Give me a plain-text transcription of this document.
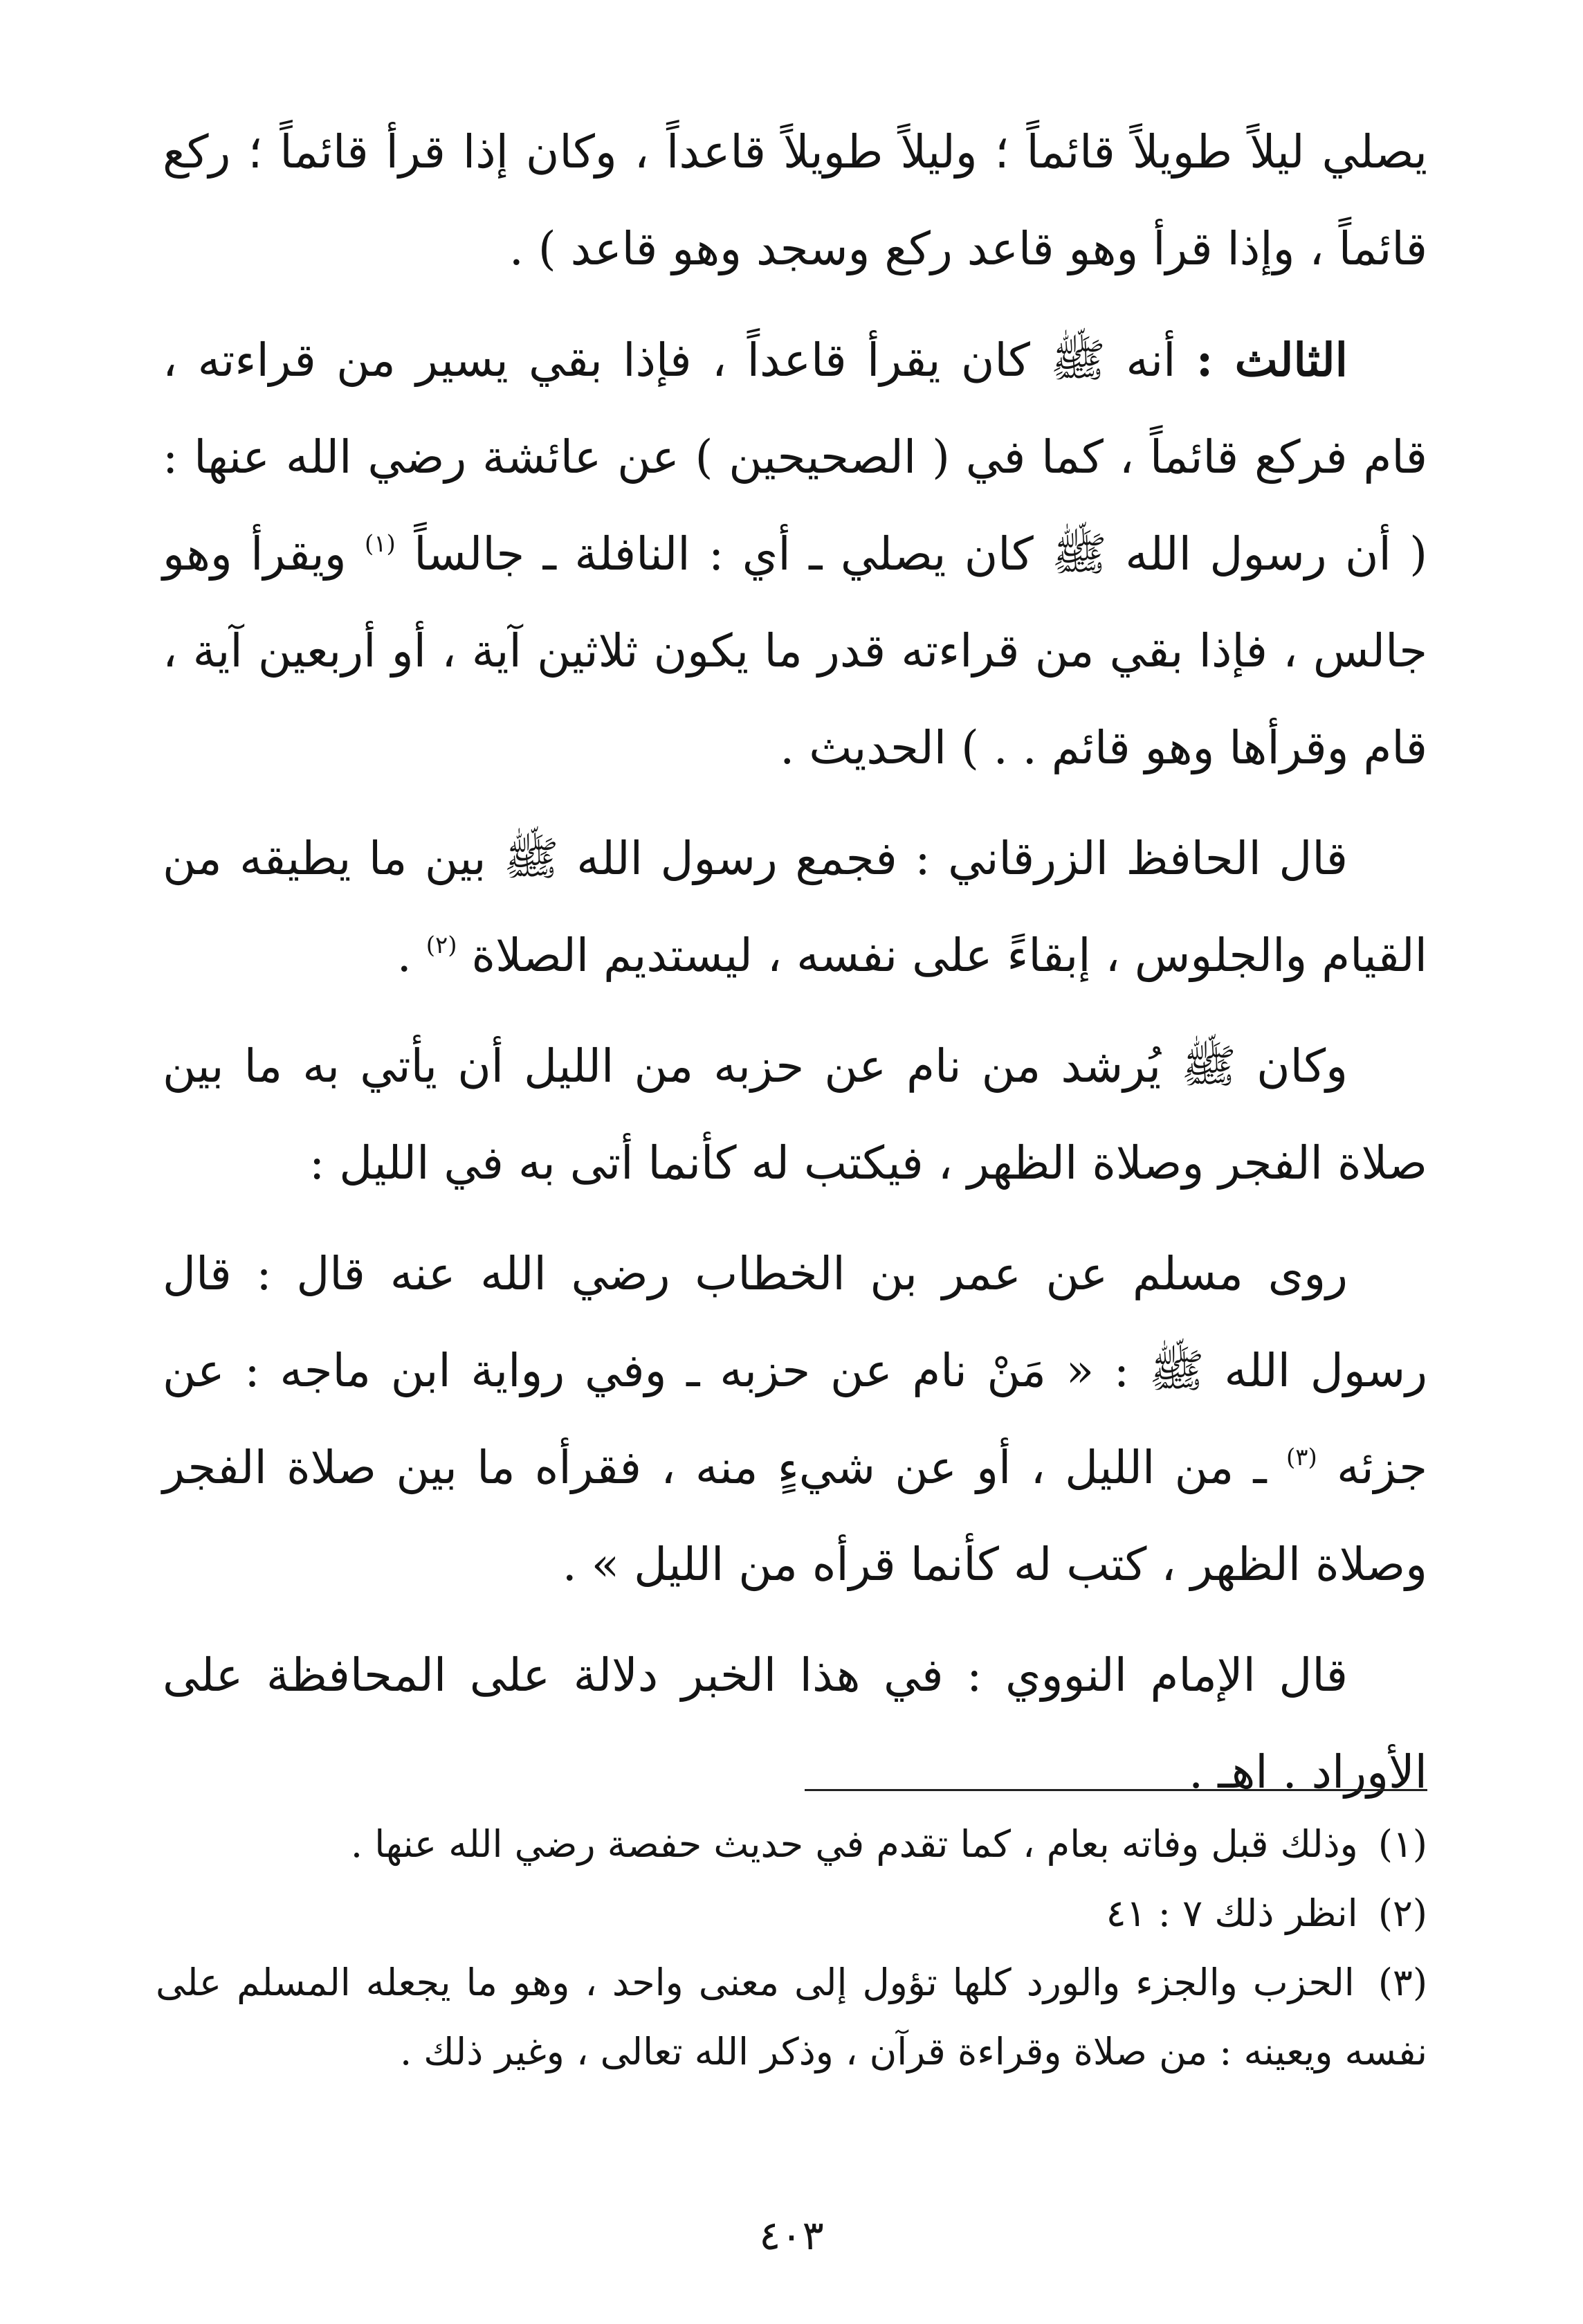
يصلي ليلاً طويلاً قائماً ؛ وليلاً طويلاً قاعداً ، وكان إذا قرأ قائماً ؛ ركع قائماً ، وإذا قرأ وهو قاعد ركع وسجد وهو قاعد ) .

الثالث : أنه ﷺ كان يقرأ قاعداً ، فإذا بقي يسير من قراءته ، قام فركع قائماً ، كما في ( الصحيحين ) عن عائشة رضي الله عنها : ( أن رسول الله ﷺ كان يصلي ـ أي : النافلة ـ جالساً $^{(١)}$ ويقرأ وهو جالس ، فإذا بقي من قراءته قدر ما يكون ثلاثين آية ، أو أربعين آية ، قام وقرأها وهو قائم . . ) الحديث .

قال الحافظ الزرقاني : فجمع رسول الله ﷺ بين ما يطيقه من القيام والجلوس ، إبقاءً على نفسه ، ليستديم الصلاة $^{(٢)}$ .

وكان ﷺ يُرشد من نام عن حزبه من الليل أن يأتي به ما بين صلاة الفجر وصلاة الظهر ، فيكتب له كأنما أتى به في الليل :

روى مسلم عن عمر بن الخطاب رضي الله عنه قال : قال رسول الله ﷺ : « مَنْ نام عن حزبه ـ وفي رواية ابن ماجه : عن جزئه $^{(٣)}$ ـ من الليل ، أو عن شيءٍ منه ، فقرأه ما بين صلاة الفجر وصلاة الظهر ، كتب له كأنما قرأه من الليل » .

قال الإمام النووي : في هذا الخبر دلالة على المحافظة على الأوراد . اهـ .

(١) وذلك قبل وفاته بعام ، كما تقدم في حديث حفصة رضي الله عنها .

(٢) انظر ذلك ٧ : ٤١

(٣) الحزب والجزء والورد كلها تؤول إلى معنى واحد ، وهو ما يجعله المسلم على نفسه ويعينه : من صلاة وقراءة قرآن ، وذكر الله تعالى ، وغير ذلك .

٤٠٣
